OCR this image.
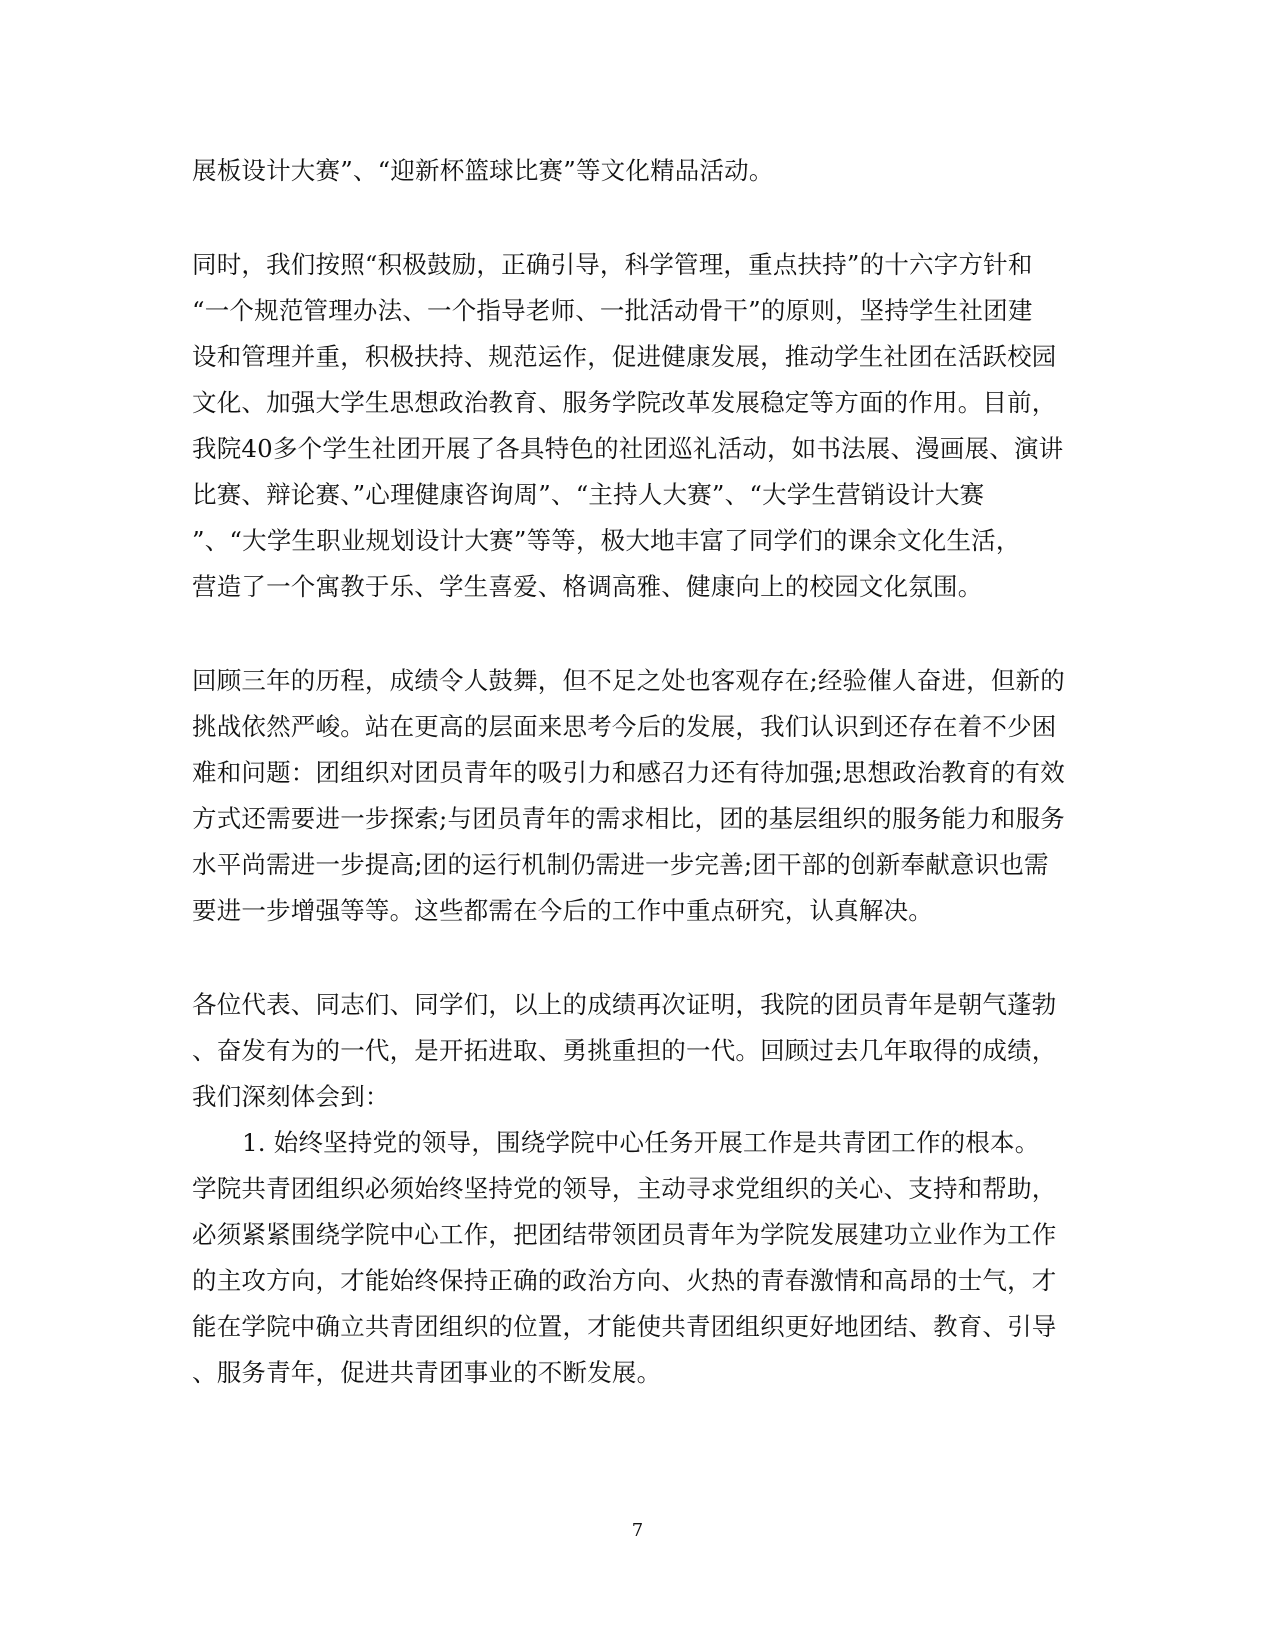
展板设计大赛”、“迎新杯篮球比赛”等文化精品活动。
同时，我们按照“积极鼓励，正确引导，科学管理，重点扶持”的十六字方针和
“一个规范管理办法、一个指导老师、一批活动骨干”的原则，坚持学生社团建
设和管理并重，积极扶持、规范运作，促进健康发展，推动学生社团在活跃校园
文化、加强大学生思想政治教育、服务学院改革发展稳定等方面的作用。目前，
我院40多个学生社团开展了各具特色的社团巡礼活动，如书法展、漫画展、演讲
比赛、辩论赛、”心理健康咨询周”、“主持人大赛”、“大学生营销设计大赛
”、“大学生职业规划设计大赛”等等，极大地丰富了同学们的课余文化生活，
营造了一个寓教于乐、学生喜爱、格调高雅、健康向上的校园文化氛围。
回顾三年的历程，成绩令人鼓舞，但不足之处也客观存在;经验催人奋进，但新的
挑战依然严峻。站在更高的层面来思考今后的发展，我们认识到还存在着不少困
难和问题：团组织对团员青年的吸引力和感召力还有待加强;思想政治教育的有效
方式还需要进一步探索;与团员青年的需求相比，团的基层组织的服务能力和服务
水平尚需进一步提高;团的运行机制仍需进一步完善;团干部的创新奉献意识也需
要进一步增强等等。这些都需在今后的工作中重点研究，认真解决。
各位代表、同志们、同学们，以上的成绩再次证明，我院的团员青年是朝气蓬勃
、奋发有为的一代，是开拓进取、勇挑重担的一代。回顾过去几年取得的成绩，
我们深刻体会到：
1. 始终坚持党的领导，围绕学院中心任务开展工作是共青团工作的根本。
学院共青团组织必须始终坚持党的领导，主动寻求党组织的关心、支持和帮助，
必须紧紧围绕学院中心工作，把团结带领团员青年为学院发展建功立业作为工作
的主攻方向，才能始终保持正确的政治方向、火热的青春激情和高昂的士气，才
能在学院中确立共青团组织的位置，才能使共青团组织更好地团结、教育、引导
、服务青年，促进共青团事业的不断发展。
7
